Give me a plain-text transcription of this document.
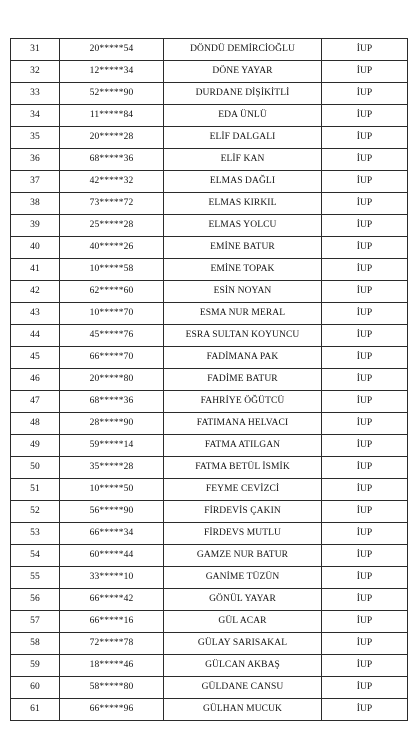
31	20*****54	DÖNDÜ DEMİRCİOĞLU	İUP
32	12*****34	DÖNE YAYAR	İUP
33	52*****90	DURDANE DİŞİKİTLİ	İUP
34	11*****84	EDA ÜNLÜ	İUP
35	20*****28	ELİF DALGALI	İUP
36	68*****36	ELİF KAN	İUP
37	42*****32	ELMAS DAĞLI	İUP
38	73*****72	ELMAS KIRKIL	İUP
39	25*****28	ELMAS YOLCU	İUP
40	40*****26	EMİNE BATUR	İUP
41	10*****58	EMİNE TOPAK	İUP
42	62*****60	ESİN NOYAN	İUP
43	10*****70	ESMA NUR MERAL	İUP
44	45*****76	ESRA SULTAN KOYUNCU	İUP
45	66*****70	FADİMANA PAK	İUP
46	20*****80	FADİME BATUR	İUP
47	68*****36	FAHRİYE ÖĞÜTCÜ	İUP
48	28*****90	FATIMANA HELVACI	İUP
49	59*****14	FATMA ATILGAN	İUP
50	35*****28	FATMA BETÜL İSMİK	İUP
51	10*****50	FEYME CEVİZCİ	İUP
52	56*****90	FİRDEVİS ÇAKIN	İUP
53	66*****34	FİRDEVS MUTLU	İUP
54	60*****44	GAMZE NUR BATUR	İUP
55	33*****10	GANİME TÜZÜN	İUP
56	66*****42	GÖNÜL YAYAR	İUP
57	66*****16	GÜL ACAR	İUP
58	72*****78	GÜLAY SARISAKAL	İUP
59	18*****46	GÜLCAN AKBAŞ	İUP
60	58*****80	GÜLDANE CANSU	İUP
61	66*****96	GÜLHAN MUCUK	İUP
